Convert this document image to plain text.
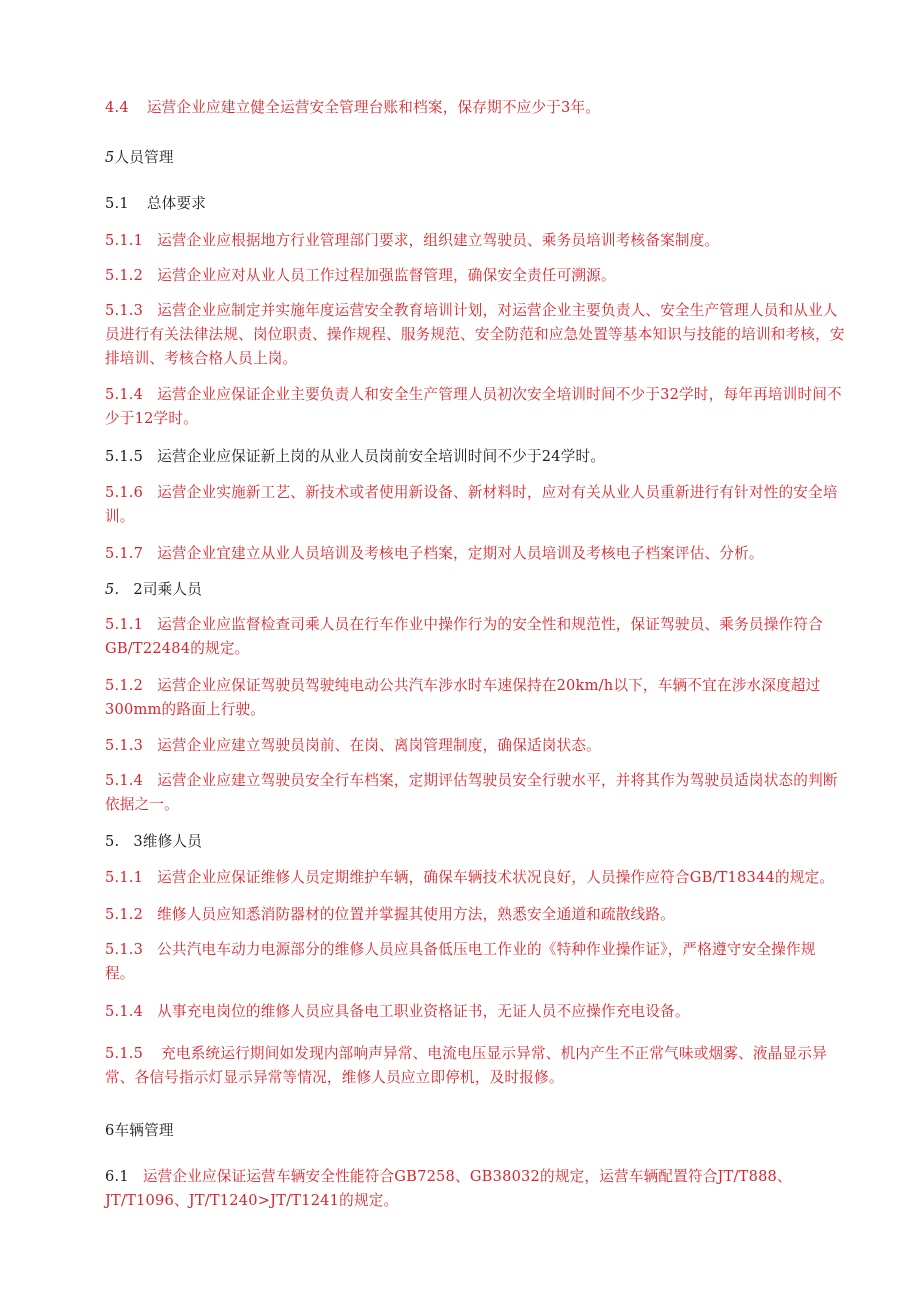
4.4 运营企业应建立健全运营安全管理台账和档案，保存期不应少于3年。

5人员管理

5.1 总体要求

5.1.1 运营企业应根据地方行业管理部门要求，组织建立驾驶员、乘务员培训考核备案制度。

5.1.2 运营企业应对从业人员工作过程加强监督管理，确保安全责任可溯源。

5.1.3 运营企业应制定并实施年度运营安全教育培训计划，对运营企业主要负责人、安全生产管理人员和从业人员进行有关法律法规、岗位职责、操作规程、服务规范、安全防范和应急处置等基本知识与技能的培训和考核，安排培训、考核合格人员上岗。

5.1.4 运营企业应保证企业主要负责人和安全生产管理人员初次安全培训时间不少于32学时，每年再培训时间不少于12学时。

5.1.5 运营企业应保证新上岗的从业人员岗前安全培训时间不少于24学时。

5.1.6 运营企业实施新工艺、新技术或者使用新设备、新材料时，应对有关从业人员重新进行有针对性的安全培训。

5.1.7 运营企业宜建立从业人员培训及考核电子档案，定期对人员培训及考核电子档案评估、分析。

5. 2司乘人员

5.1.1 运营企业应监督检查司乘人员在行车作业中操作行为的安全性和规范性，保证驾驶员、乘务员操作符合GB/T22484的规定。

5.1.2 运营企业应保证驾驶员驾驶纯电动公共汽车涉水时车速保持在20km/h以下，车辆不宜在涉水深度超过300mm的路面上行驶。

5.1.3 运营企业应建立驾驶员岗前、在岗、离岗管理制度，确保适岗状态。

5.1.4 运营企业应建立驾驶员安全行车档案，定期评估驾驶员安全行驶水平，并将其作为驾驶员适岗状态的判断依据之一。

5. 3维修人员

5.1.1 运营企业应保证维修人员定期维护车辆，确保车辆技术状况良好，人员操作应符合GB/T18344的规定。

5.1.2 维修人员应知悉消防器材的位置并掌握其使用方法，熟悉安全通道和疏散线路。

5.1.3 公共汽电车动力电源部分的维修人员应具备低压电工作业的《特种作业操作证》，严格遵守安全操作规程。

5.1.4 从事充电岗位的维修人员应具备电工职业资格证书，无证人员不应操作充电设备。

5.1.5 充电系统运行期间如发现内部响声异常、电流电压显示异常、机内产生不正常气味或烟雾、液晶显示异常、各信号指示灯显示异常等情况，维修人员应立即停机，及时报修。

6车辆管理

6.1 运营企业应保证运营车辆安全性能符合GB7258、GB38032的规定，运营车辆配置符合JT/T888、JT/T1096、JT/T1240>JT/T1241的规定。
